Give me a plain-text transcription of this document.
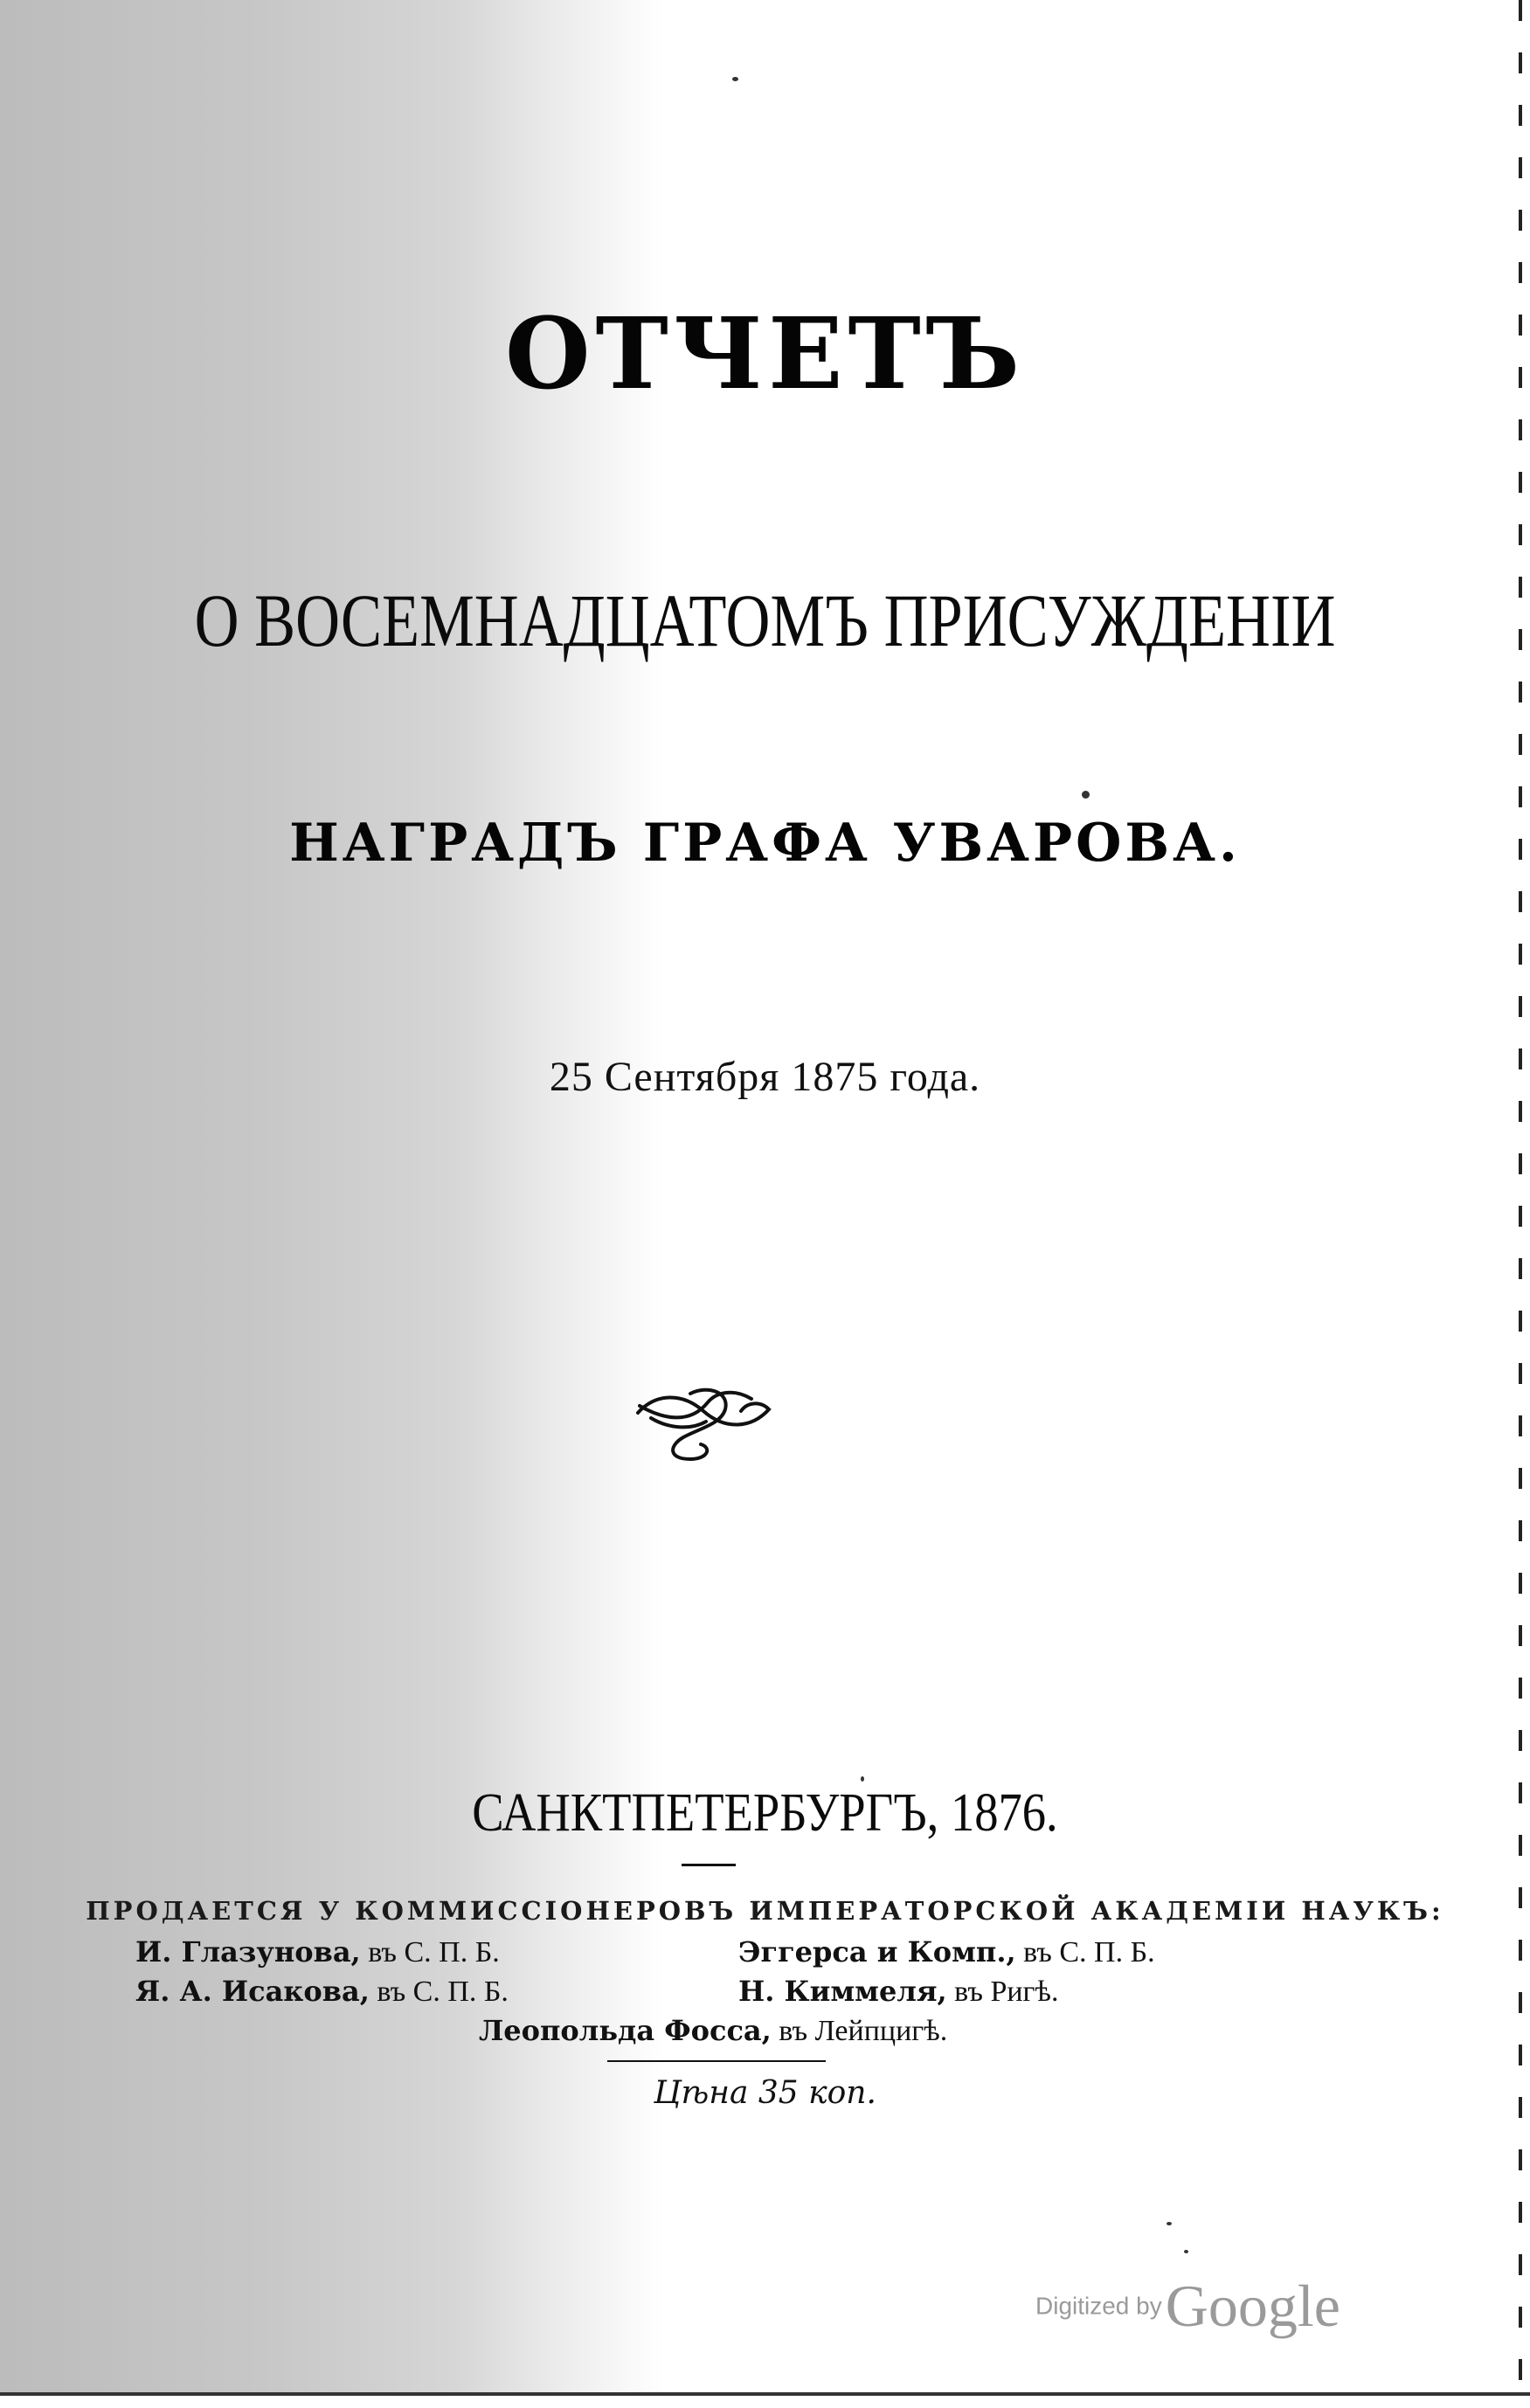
ОТЧЕТЪ
О ВОСЕМНАДЦАТОМЪ ПРИСУЖДЕНІИ
НАГРАДЪ ГРАФА УВАРОВА.
25 Сентября 1875 года.
САНКТПЕТЕРБУРГЪ, 1876.
ПРОДАЕТСЯ У КОММИССІОНЕРОВЪ ИМПЕРАТОРСКОЙ АКАДЕМІИ НАУКЪ:
И. Глазунова, въ С. П. Б.
Я. А. Исакова, въ С. П. Б.
Эггерса и Комп., въ С. П. Б.
Н. Киммеля, въ Ригѣ.
Леопольда Фосса, въ Лейпцигѣ.
Цѣна 35 коп.
Digitized by Google
